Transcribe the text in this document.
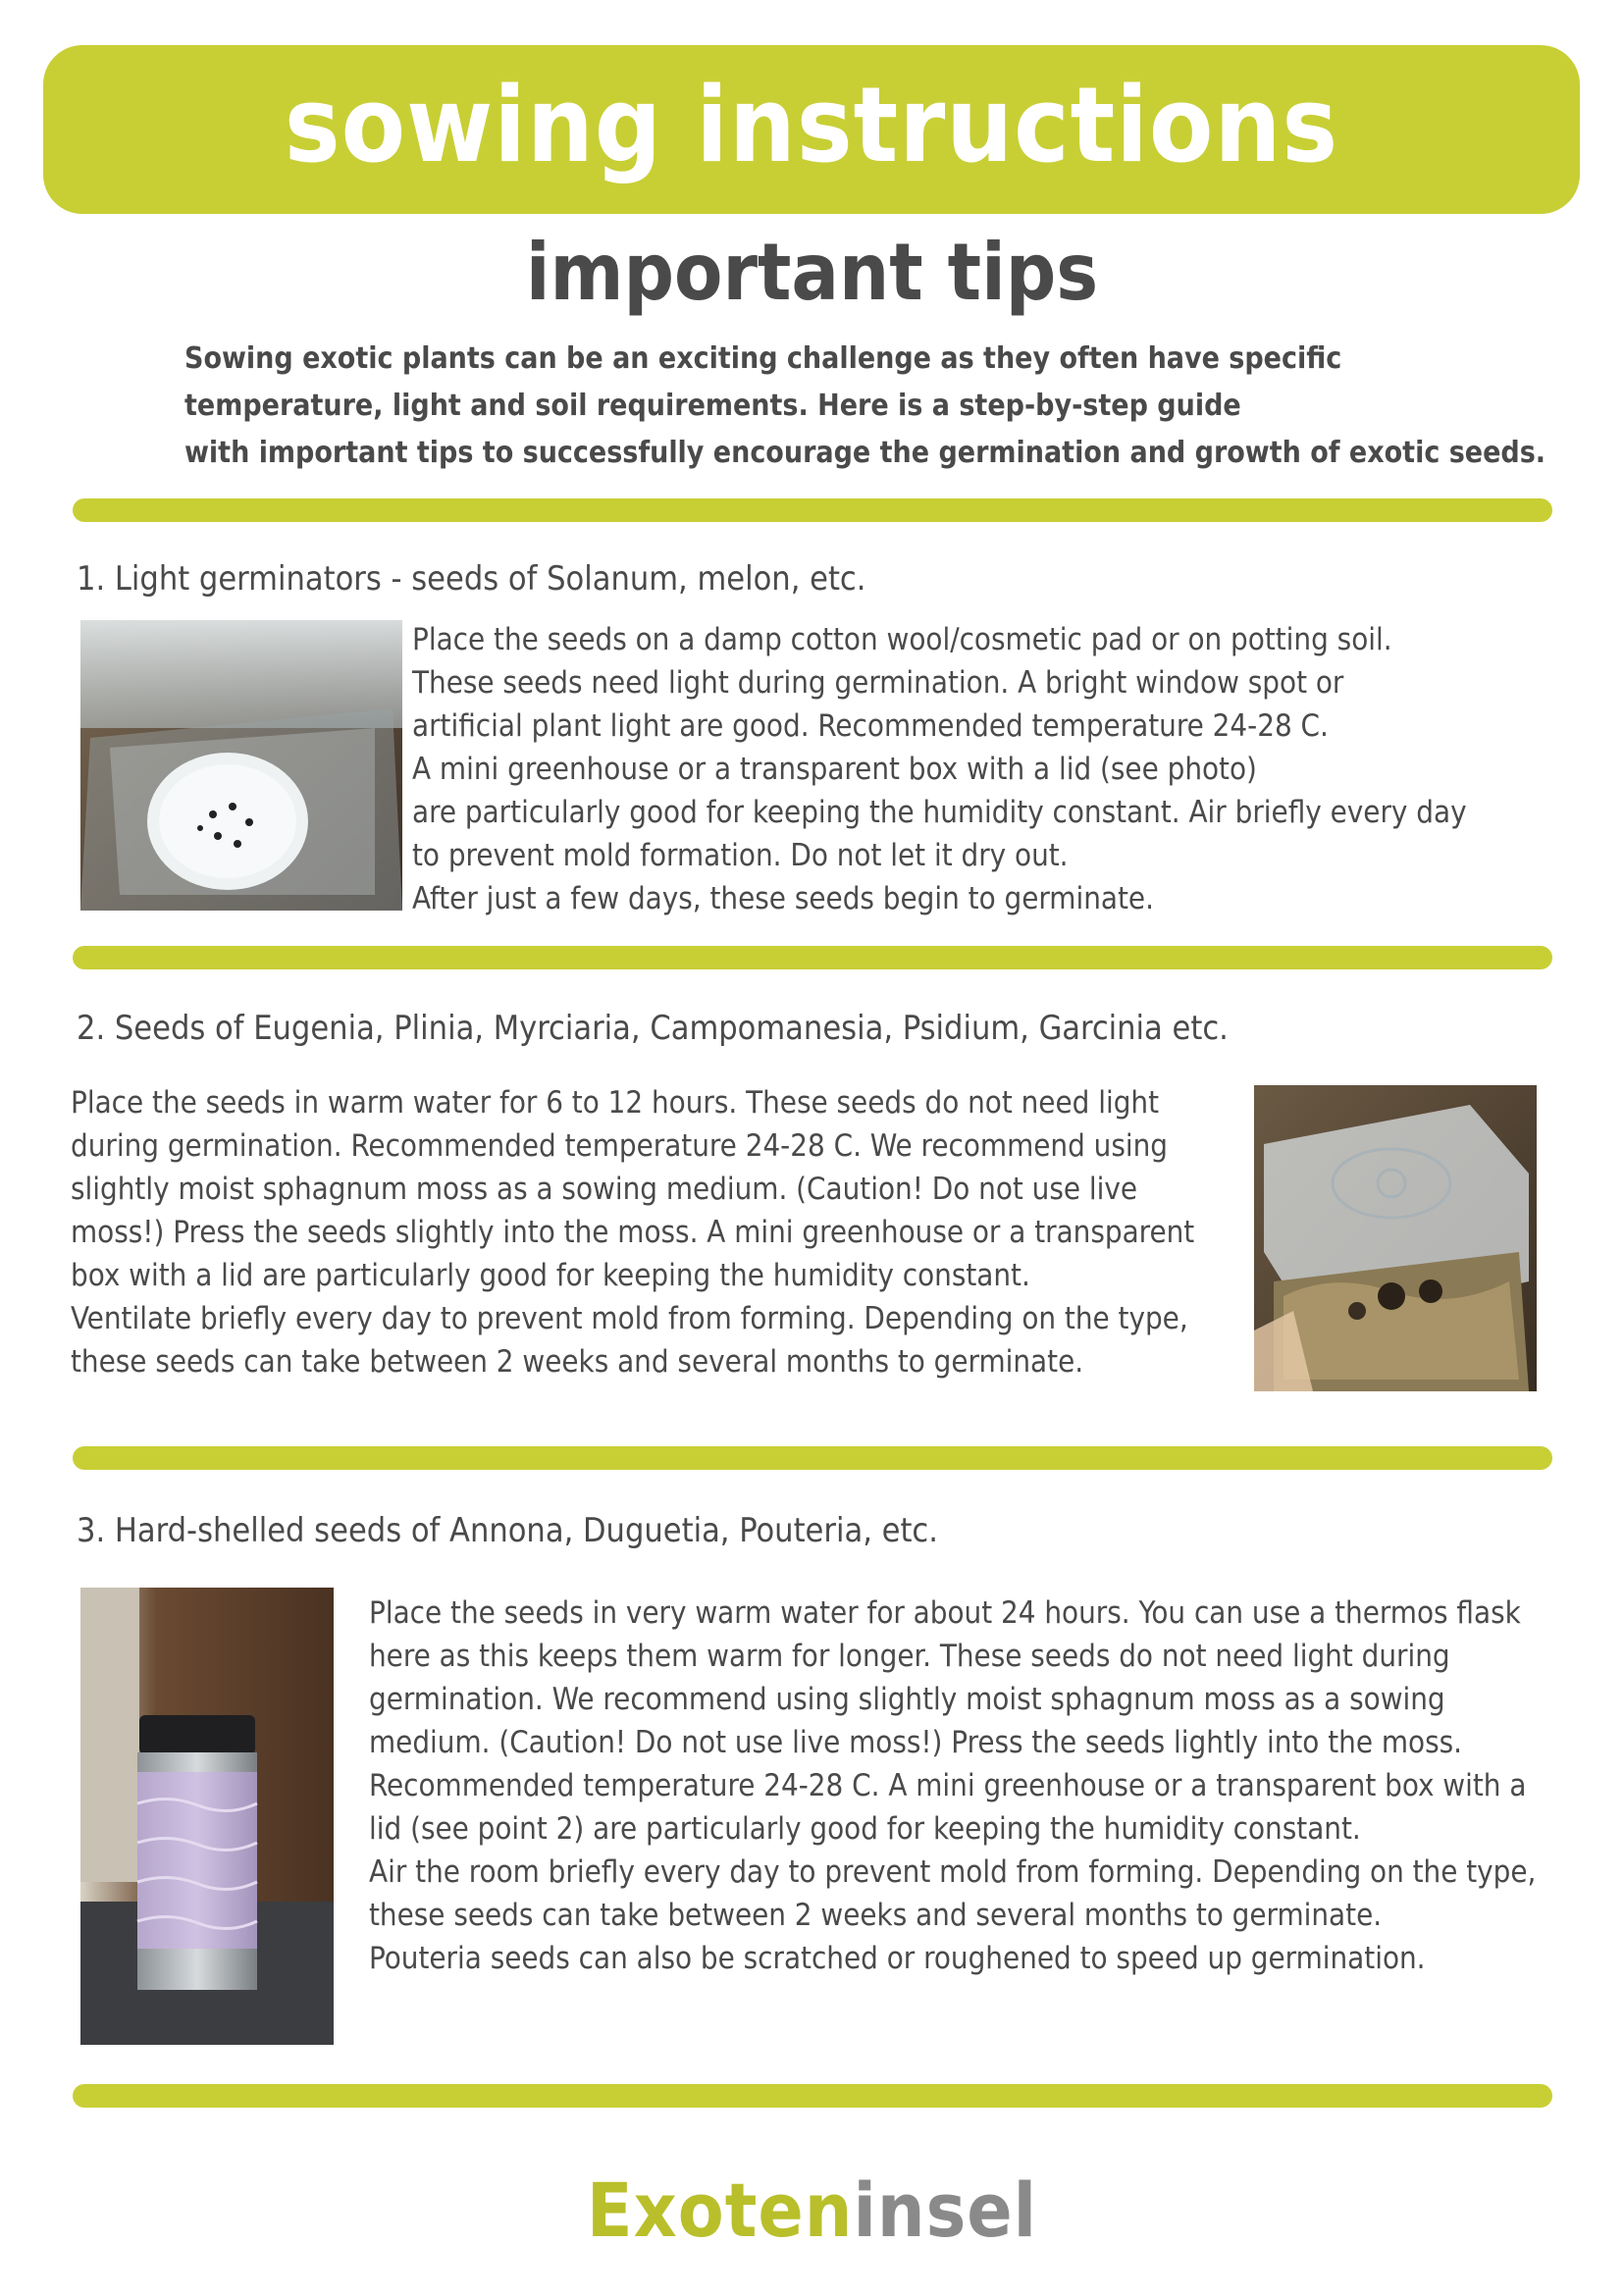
sowing instructions
important tips
Sowing exotic plants can be an exciting challenge as they often have specific
temperature, light and soil requirements. Here is a step-by-step guide
with important tips to successfully encourage the germination and growth of exotic seeds.
1. Light germinators - seeds of Solanum, melon, etc.
Place the seeds on a damp cotton wool/cosmetic pad or on potting soil.
These seeds need light during germination. A bright window spot or
artificial plant light are good. Recommended temperature 24-28 C.
A mini greenhouse or a transparent box with a lid (see photo)
are particularly good for keeping the humidity constant. Air briefly every day
to prevent mold formation. Do not let it dry out.
After just a few days, these seeds begin to germinate.
2. Seeds of Eugenia, Plinia, Myrciaria, Campomanesia, Psidium, Garcinia etc.
Place the seeds in warm water for 6 to 12 hours. These seeds do not need light
during germination. Recommended temperature 24-28 C. We recommend using
slightly moist sphagnum moss as a sowing medium. (Caution! Do not use live
moss!) Press the seeds slightly into the moss. A mini greenhouse or a transparent
box with a lid are particularly good for keeping the humidity constant.
Ventilate briefly every day to prevent mold from forming. Depending on the type,
these seeds can take between 2 weeks and several months to germinate.
3. Hard-shelled seeds of Annona, Duguetia, Pouteria, etc.
Place the seeds in very warm water for about 24 hours. You can use a thermos flask
here as this keeps them warm for longer. These seeds do not need light during
germination. We recommend using slightly moist sphagnum moss as a sowing
medium. (Caution! Do not use live moss!) Press the seeds lightly into the moss.
Recommended temperature 24-28 C. A mini greenhouse or a transparent box with a
lid (see point 2) are particularly good for keeping the humidity constant.
Air the room briefly every day to prevent mold from forming. Depending on the type,
these seeds can take between 2 weeks and several months to germinate.
Pouteria seeds can also be scratched or roughened to speed up germination.
Exoteninsel
